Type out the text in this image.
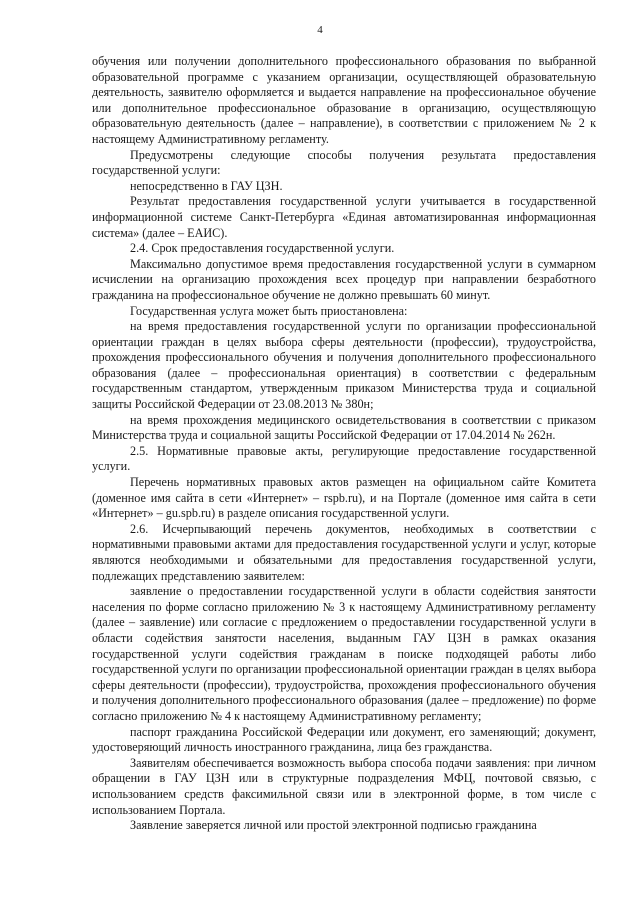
4

обучения или получении дополнительного профессионального образования по выбранной образовательной программе с указанием организации, осуществляющей образовательную деятельность, заявителю оформляется и выдается направление на профессиональное обучение или дополнительное профессиональное образование в организацию, осуществляющую образовательную деятельность (далее – направление), в соответствии с приложением № 2 к настоящему Административному регламенту.

Предусмотрены следующие способы получения результата предоставления государственной услуги:

непосредственно в ГАУ ЦЗН.

Результат предоставления государственной услуги учитывается в государственной информационной системе Санкт-Петербурга «Единая автоматизированная информационная система» (далее – ЕАИС).

2.4. Срок предоставления государственной услуги.

Максимально допустимое время предоставления государственной услуги в суммарном исчислении на организацию прохождения всех процедур при направлении безработного гражданина на профессиональное обучение не должно превышать 60 минут.

Государственная услуга может быть приостановлена:

на время предоставления государственной услуги по организации профессиональной ориентации граждан в целях выбора сферы деятельности (профессии), трудоустройства, прохождения профессионального обучения и получения дополнительного профессионального образования (далее – профессиональная ориентация) в соответствии с федеральным государственным стандартом, утвержденным приказом Министерства труда и социальной защиты Российской Федерации от 23.08.2013 № 380н;

на время прохождения медицинского освидетельствования в соответствии с приказом Министерства труда и социальной защиты Российской Федерации от 17.04.2014 № 262н.

2.5. Нормативные правовые акты, регулирующие предоставление государственной услуги.

Перечень нормативных правовых актов размещен на официальном сайте Комитета (доменное имя сайта в сети «Интернет» – rspb.ru), и на Портале (доменное имя сайта в сети «Интернет» – gu.spb.ru) в разделе описания государственной услуги.

2.6. Исчерпывающий перечень документов, необходимых в соответствии с нормативными правовыми актами для предоставления государственной услуги и услуг, которые являются необходимыми и обязательными для предоставления государственной услуги, подлежащих представлению заявителем:

заявление о предоставлении государственной услуги в области содействия занятости населения по форме согласно приложению № 3 к настоящему Административному регламенту (далее – заявление) или согласие с предложением о предоставлении государственной услуги в области содействия занятости населения, выданным ГАУ ЦЗН в рамках оказания государственной услуги содействия гражданам в поиске подходящей работы либо государственной услуги по организации профессиональной ориентации граждан в целях выбора сферы деятельности (профессии), трудоустройства, прохождения профессионального обучения и получения дополнительного профессионального образования (далее – предложение) по форме согласно приложению № 4 к настоящему Административному регламенту;

паспорт гражданина Российской Федерации или документ, его заменяющий; документ, удостоверяющий личность иностранного гражданина, лица без гражданства.

Заявителям обеспечивается возможность выбора способа подачи заявления: при личном обращении в ГАУ ЦЗН или в структурные подразделения МФЦ, почтовой связью, с использованием средств факсимильной связи или в электронной форме, в том числе с использованием Портала.

Заявление заверяется личной или простой электронной подписью гражданина
